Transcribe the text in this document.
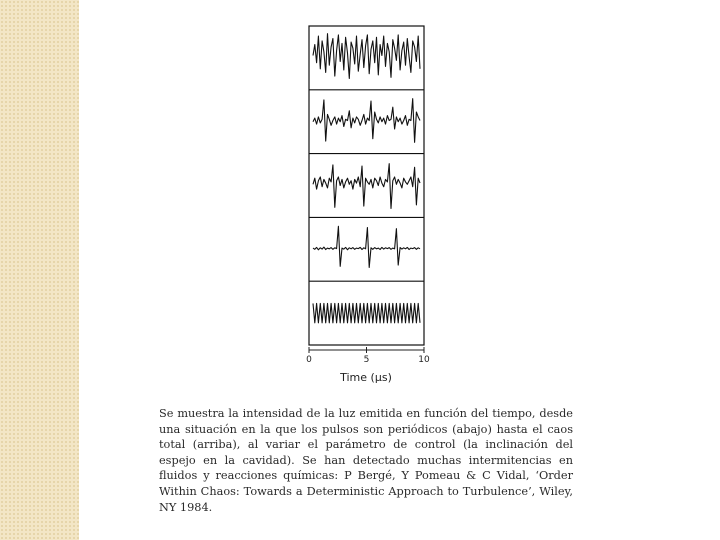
0	5	10
Time (µs)

Se muestra la intensidad de la luz emitida en función del tiempo, desde una situación en la que los pulsos son periódicos (abajo) hasta el caos total (arriba), al variar el parámetro de control (la inclinación del espejo en la cavidad). Se han detectado muchas intermitencias en fluidos y reacciones químicas: P Bergé, Y Pomeau & C Vidal, ‘Order Within Chaos: Towards a Deterministic Approach to Turbulence’, Wiley, NY 1984.
